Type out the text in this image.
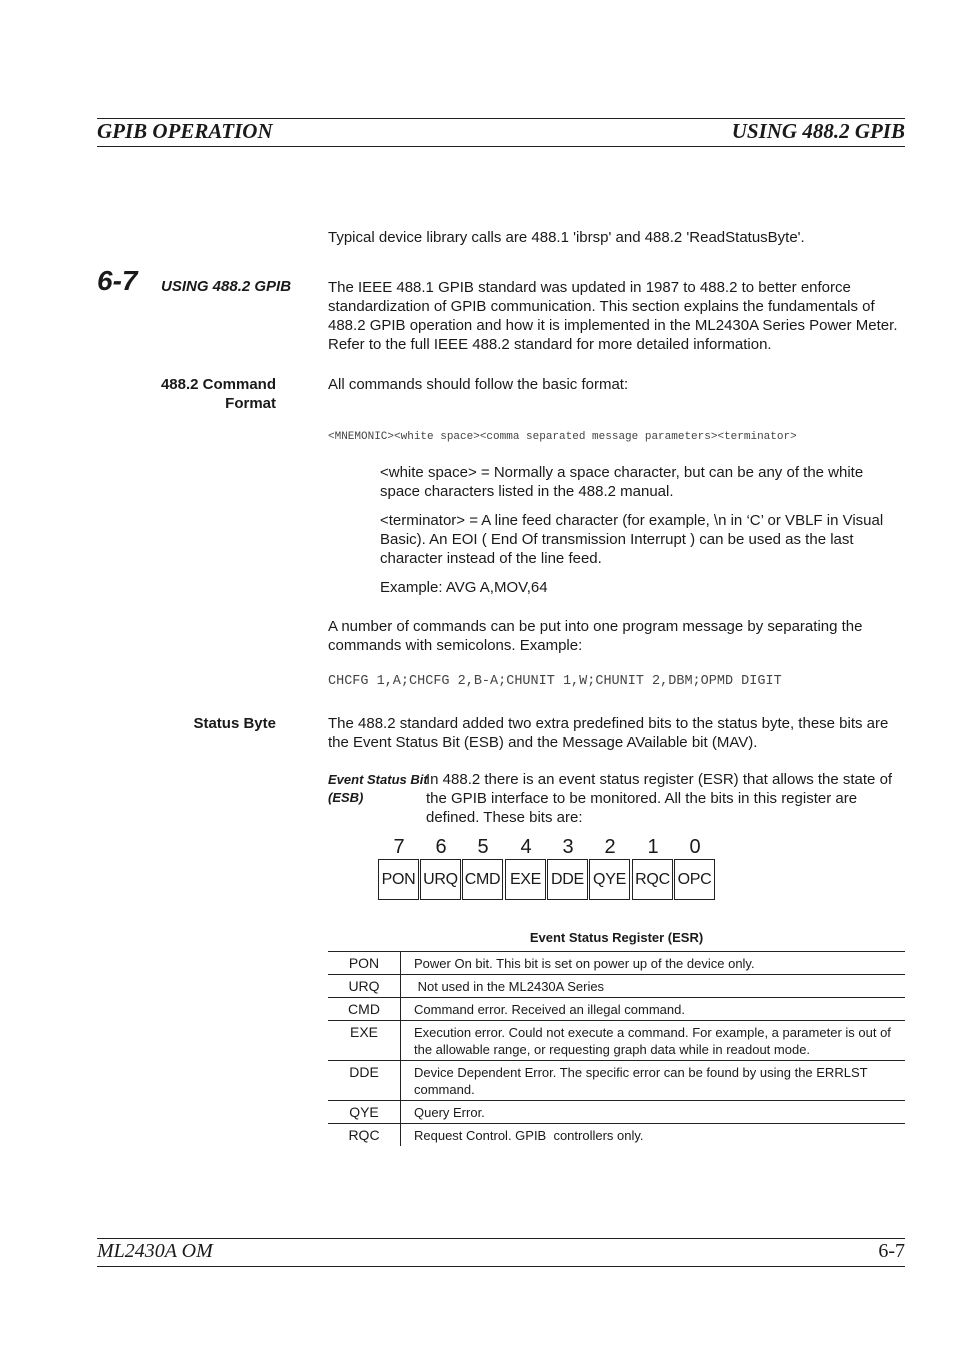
GPIB OPERATION	USING 488.2 GPIB
Typical device library calls are 488.1 'ibrsp' and 488.2 'ReadStatusByte'.
6-7 USING 488.2 GPIB The IEEE 488.1 GPIB standard was updated in 1987 to 488.2 to better enforce standardization of GPIB communication. This section explains the fundamentals of 488.2 GPIB operation and how it is implemented in the ML2430A Series Power Meter. Refer to the full IEEE 488.2 standard for more detailed information.
488.2 Command
Format
All commands should follow the basic format:
<MNEMONIC><white space><comma separated message parameters><terminator>
<white space> = Normally a space character, but can be any of the white space characters listed in the 488.2 manual.
<terminator> = A line feed character (for example, \n in ‘C’ or VBLF in Visual Basic). An EOI ( End Of transmission Interrupt ) can be used as the last character instead of the line feed.
Example: AVG A,MOV,64
A number of commands can be put into one program message by separating the commands with semicolons. Example:
CHCFG 1,A;CHCFG 2,B-A;CHUNIT 1,W;CHUNIT 2,DBM;OPMD DIGIT
Status Byte	The 488.2 standard added two extra predefined bits to the status byte, these bits are the Event Status Bit (ESB) and the Message AVailable bit (MAV).
Event Status Bit
(ESB)
In 488.2 there is an event status register (ESR) that allows the state of the GPIB interface to be monitored. All the bits in this register are defined. These bits are:
7	6	5	4	3	2	1	0
PON URQ CMD EXE DDE QYE RQC OPC
Event Status Register (ESR)
PON	Power On bit. This bit is set on power up of the device only.
URQ	Not used in the ML2430A Series
CMD	Command error. Received an illegal command.
EXE	Execution error. Could not execute a command. For example, a parameter is out of the allowable range, or requesting graph data while in readout mode.
DDE	Device Dependent Error. The specific error can be found by using the ERRLST command.
QYE	Query Error.
RQC	Request Control. GPIB  controllers only.
ML2430A OM	6-7
